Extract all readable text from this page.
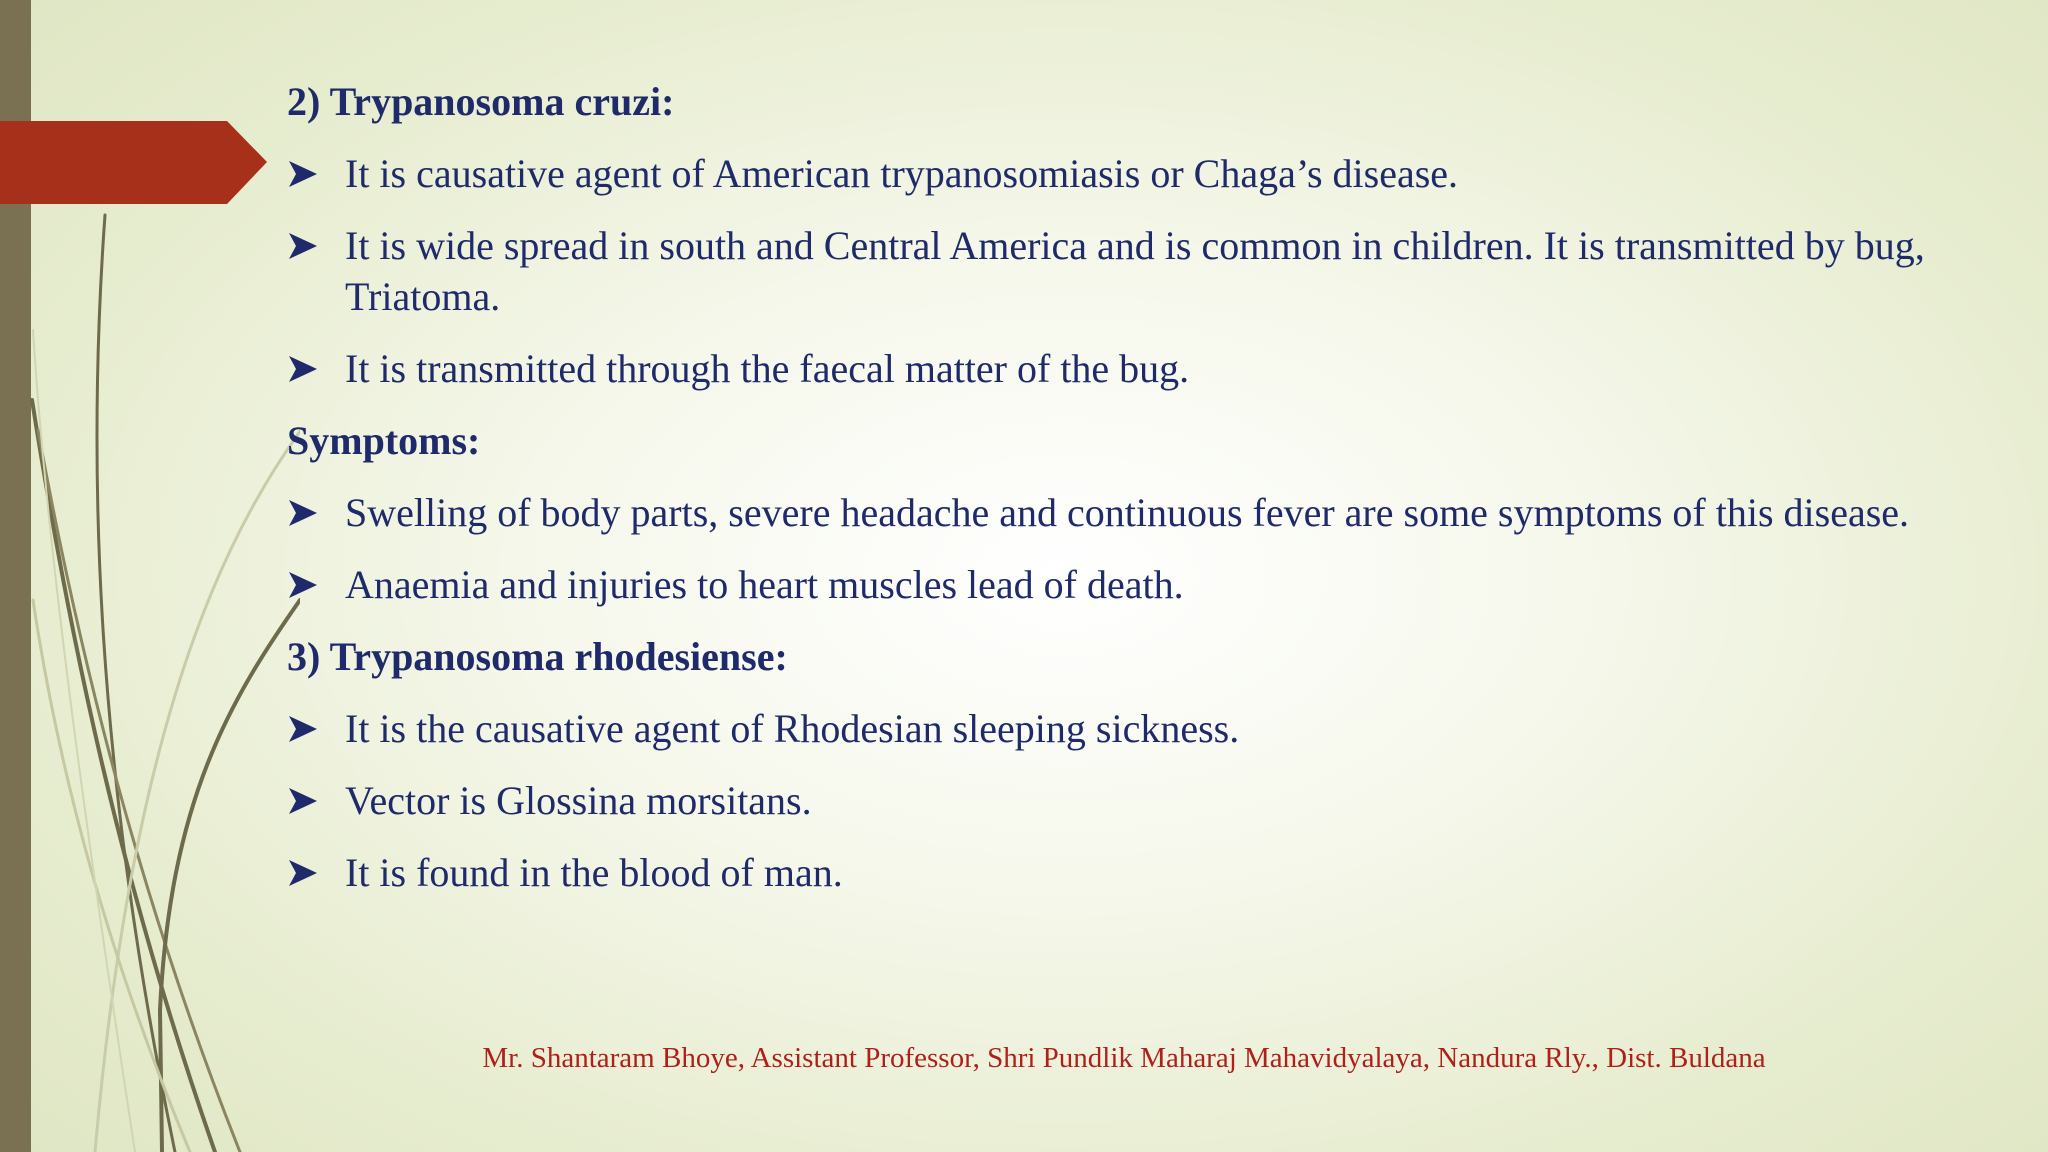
2) Trypanosoma cruzi:
It is causative agent of American trypanosomiasis or Chaga’s disease.
It is wide spread in south and Central America and is common in children. It is transmitted by bug, Triatoma.
It is transmitted through the faecal matter of the bug.
Symptoms:
Swelling of body parts, severe headache and continuous fever are some symptoms of this disease.
Anaemia and injuries to heart muscles lead of death.
3) Trypanosoma rhodesiense:
It is the causative agent of Rhodesian sleeping sickness.
Vector is Glossina morsitans.
It is found in the blood of man.
Mr. Shantaram Bhoye, Assistant Professor, Shri Pundlik Maharaj Mahavidyalaya, Nandura Rly., Dist. Buldana
